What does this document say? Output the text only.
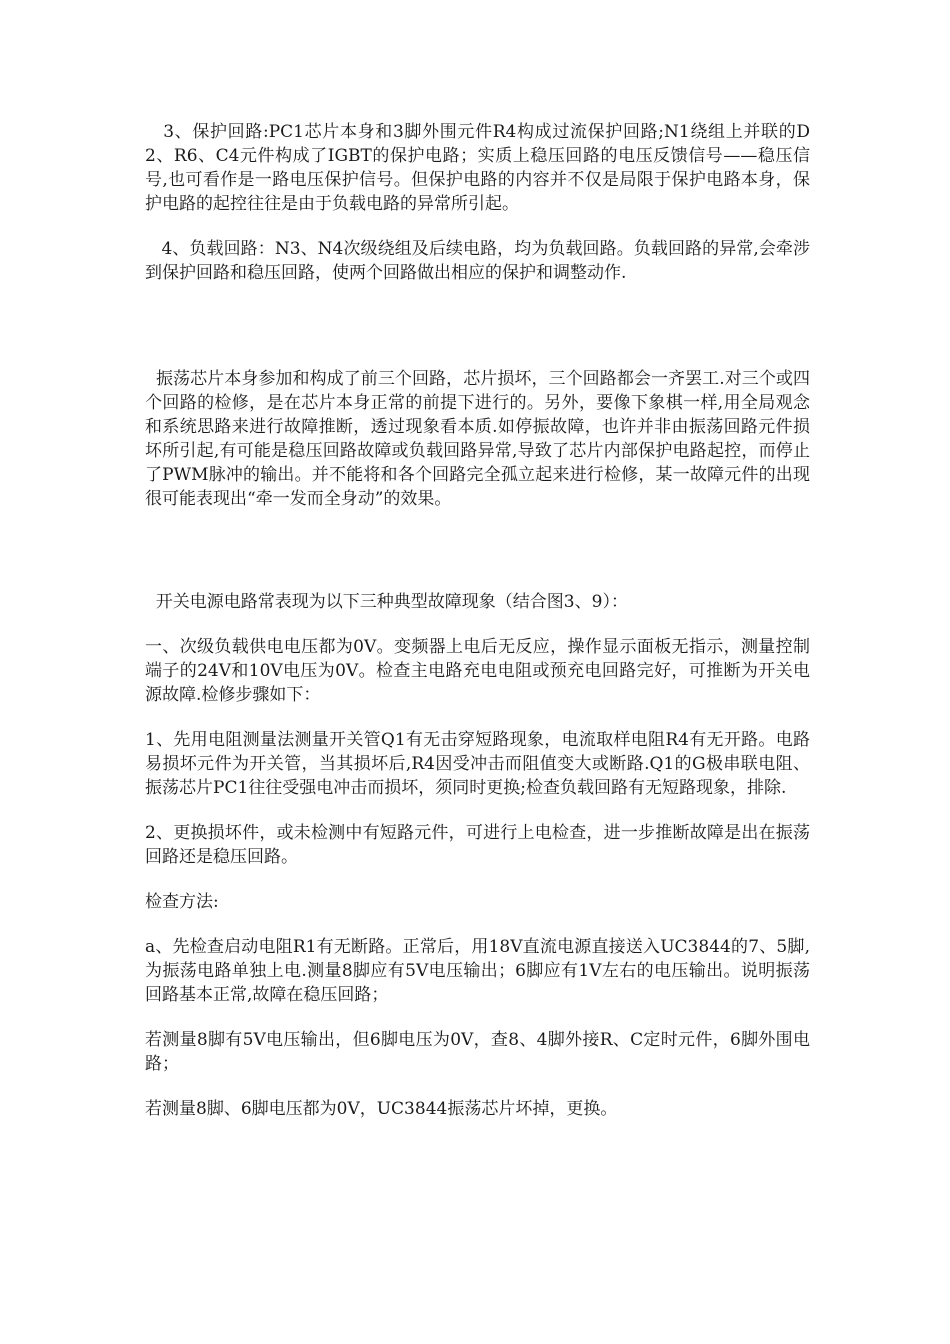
3、保护回路:PC1芯片本身和3脚外围元件R4构成过流保护回路;N1绕组上并联的D2、R6、C4元件构成了IGBT的保护电路；实质上稳压回路的电压反馈信号——稳压信号,也可看作是一路电压保护信号。但保护电路的内容并不仅是局限于保护电路本身，保护电路的起控往往是由于负载电路的异常所引起。

4、负载回路：N3、N4次级绕组及后续电路，均为负载回路。负载回路的异常,会牵涉到保护回路和稳压回路，使两个回路做出相应的保护和调整动作.

振荡芯片本身参加和构成了前三个回路，芯片损坏，三个回路都会一齐罢工.对三个或四个回路的检修，是在芯片本身正常的前提下进行的。另外，要像下象棋一样,用全局观念和系统思路来进行故障推断，透过现象看本质.如停振故障，也许并非由振荡回路元件损坏所引起,有可能是稳压回路故障或负载回路异常,导致了芯片内部保护电路起控，而停止了PWM脉冲的输出。并不能将和各个回路完全孤立起来进行检修，某一故障元件的出现很可能表现出“牵一发而全身动”的效果。

开关电源电路常表现为以下三种典型故障现象（结合图3、9）：

一、次级负载供电电压都为0V。变频器上电后无反应，操作显示面板无指示，测量控制端子的24V和10V电压为0V。检查主电路充电电阻或预充电回路完好，可推断为开关电源故障.检修步骤如下：

1、先用电阻测量法测量开关管Q1有无击穿短路现象，电流取样电阻R4有无开路。电路易损坏元件为开关管，当其损坏后,R4因受冲击而阻值变大或断路.Q1的G极串联电阻、振荡芯片PC1往往受强电冲击而损坏，须同时更换;检查负载回路有无短路现象，排除.

2、更换损坏件，或未检测中有短路元件，可进行上电检查，进一步推断故障是出在振荡回路还是稳压回路。

检查方法:

a、先检查启动电阻R1有无断路。正常后，用18V直流电源直接送入UC3844的7、5脚,为振荡电路单独上电.测量8脚应有5V电压输出；6脚应有1V左右的电压输出。说明振荡回路基本正常,故障在稳压回路；

若测量8脚有5V电压输出，但6脚电压为0V，查8、4脚外接R、C定时元件，6脚外围电路；

若测量8脚、6脚电压都为0V，UC3844振荡芯片坏掉，更换。
